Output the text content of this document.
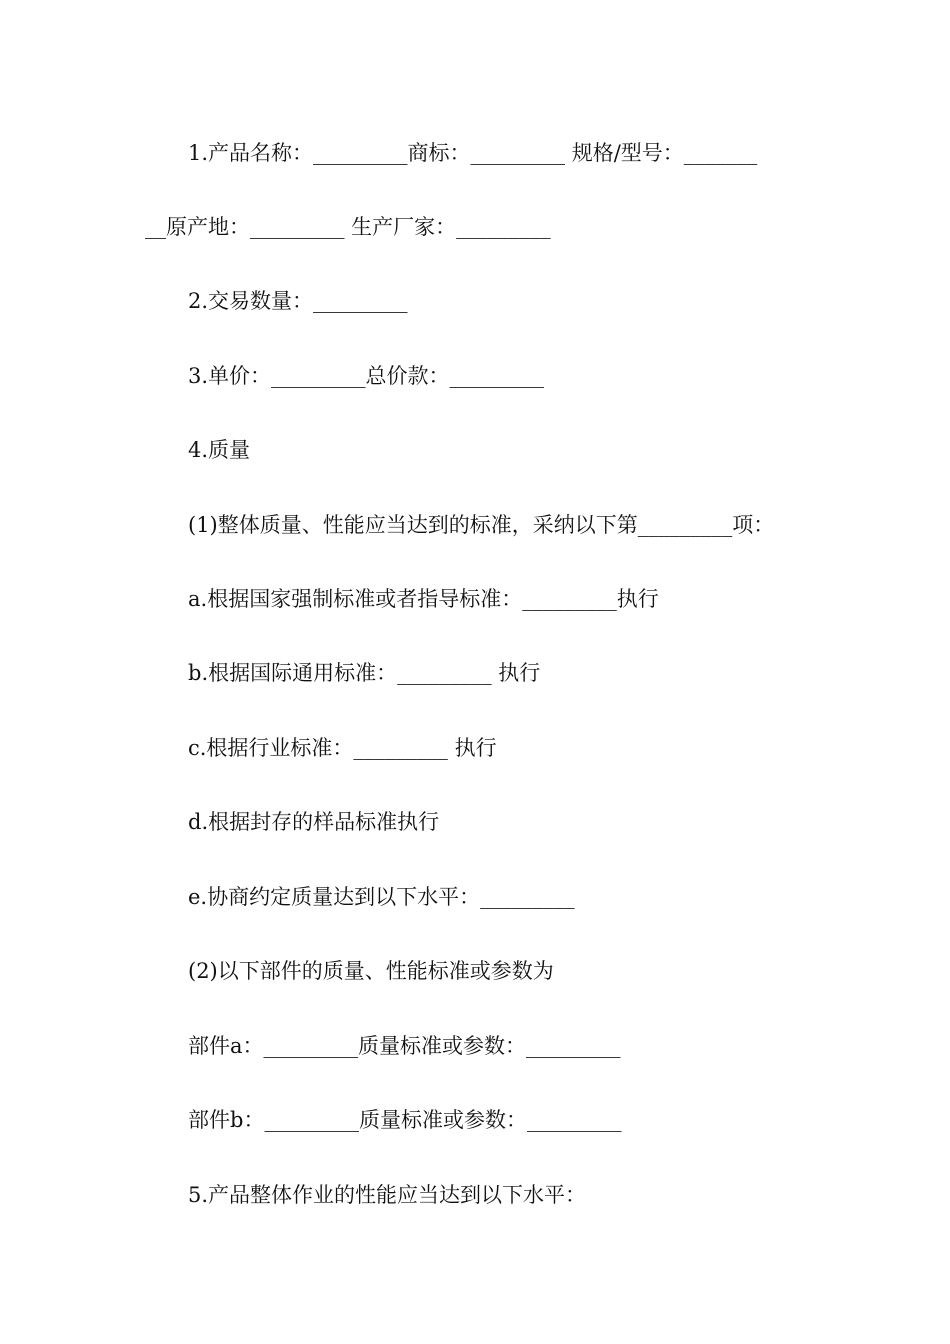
1.产品名称：_________商标：_________ 规格/型号：_______
__原产地：_________ 生产厂家：_________
2.交易数量：_________
3.单价：_________总价款：_________
4.质量
(1)整体质量、性能应当达到的标准，采纳以下第_________项：
a.根据国家强制标准或者指导标准：_________执行
b.根据国际通用标准：_________ 执行
c.根据行业标准：_________ 执行
d.根据封存的样品标准执行
e.协商约定质量达到以下水平：_________
(2)以下部件的质量、性能标准或参数为
部件a：_________质量标准或参数：_________
部件b：_________质量标准或参数：_________
5.产品整体作业的性能应当达到以下水平：
